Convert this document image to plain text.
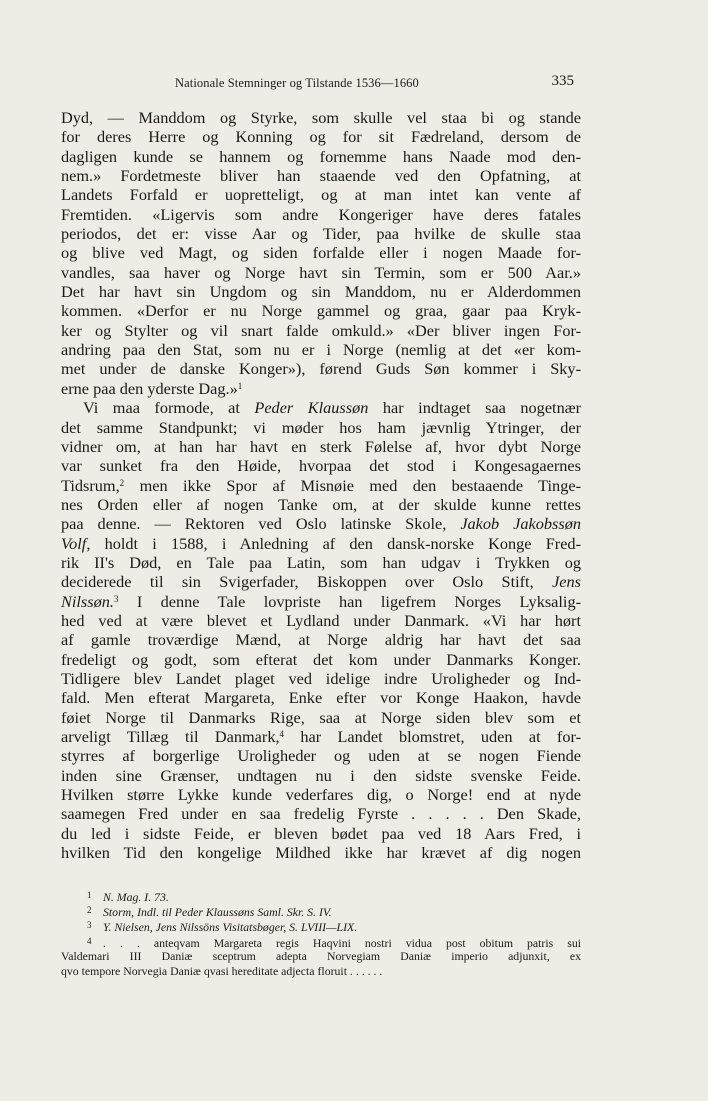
Nationale Stemninger og Tilstande 1536—1660	335
Dyd, — Manddom og Styrke, som skulle vel staa bi og stande
for deres Herre og Konning og for sit Fædreland, dersom de
dagligen kunde se hannem og fornemme hans Naade mod den-
nem.» Fordetmeste bliver han staaende ved den Opfatning, at
Landets Forfald er uopretteligt, og at man intet kan vente af
Fremtiden. «Ligervis som andre Kongeriger have deres fatales
periodos, det er: visse Aar og Tider, paa hvilke de skulle staa
og blive ved Magt, og siden forfalde eller i nogen Maade for-
vandles, saa haver og Norge havt sin Termin, som er 500 Aar.»
Det har havt sin Ungdom og sin Manddom, nu er Alderdommen
kommen. «Derfor er nu Norge gammel og graa, gaar paa Kryk-
ker og Stylter og vil snart falde omkuld.» «Der bliver ingen For-
andring paa den Stat, som nu er i Norge (nemlig at det «er kom-
met under de danske Konger»), førend Guds Søn kommer i Sky-
erne paa den yderste Dag.»$^1$
Vi maa formode, at Peder Klaussøn har indtaget saa nogetnær
det samme Standpunkt; vi møder hos ham jævnlig Ytringer, der
vidner om, at han har havt en sterk Følelse af, hvor dybt Norge
var sunket fra den Høide, hvorpaa det stod i Kongesagaernes
Tidsrum,$^2$ men ikke Spor af Misnøie med den bestaaende Tinge-
nes Orden eller af nogen Tanke om, at der skulde kunne rettes
paa denne. — Rektoren ved Oslo latinske Skole, Jakob Jakobssøn
Volf, holdt i 1588, i Anledning af den dansk-norske Konge Fred-
rik II's Død, en Tale paa Latin, som han udgav i Trykken og
deciderede til sin Svigerfader, Biskoppen over Oslo Stift, Jens
Nilssøn.$^3$ I denne Tale lovpriste han ligefrem Norges Lyksalig-
hed ved at være blevet et Lydland under Danmark. «Vi har hørt
af gamle troværdige Mænd, at Norge aldrig har havt det saa
fredeligt og godt, som efterat det kom under Danmarks Konger.
Tidligere blev Landet plaget ved idelige indre Uroligheder og Ind-
fald. Men efterat Margareta, Enke efter vor Konge Haakon, havde
føiet Norge til Danmarks Rige, saa at Norge siden blev som et
arveligt Tillæg til Danmark,$^4$ har Landet blomstret, uden at for-
styrres af borgerlige Uroligheder og uden at se nogen Fiende
inden sine Grænser, undtagen nu i den sidste svenske Feide.
Hvilken større Lykke kunde vederfares dig, o Norge! end at nyde
saamegen Fred under en saa fredelig Fyrste . . . . . Den Skade,
du led i sidste Feide, er bleven bødet paa ved 18 Aars Fred, i
hvilken Tid den kongelige Mildhed ikke har krævet af dig nogen
1 N. Mag. I. 73.
2 Storm, Indl. til Peder Klaussøns Saml. Skr. S. IV.
3 Y. Nielsen, Jens Nilssöns Visitatsbøger, S. LVIII—LIX.
4 . . . anteqvam Margareta regis Haqvini nostri vidua post obitum patris sui
Valdemari III Daniæ sceptrum adepta Norvegiam Daniæ imperio adjunxit, ex
qvo tempore Norvegia Daniæ qvasi hereditate adjecta floruit . . . . . .
